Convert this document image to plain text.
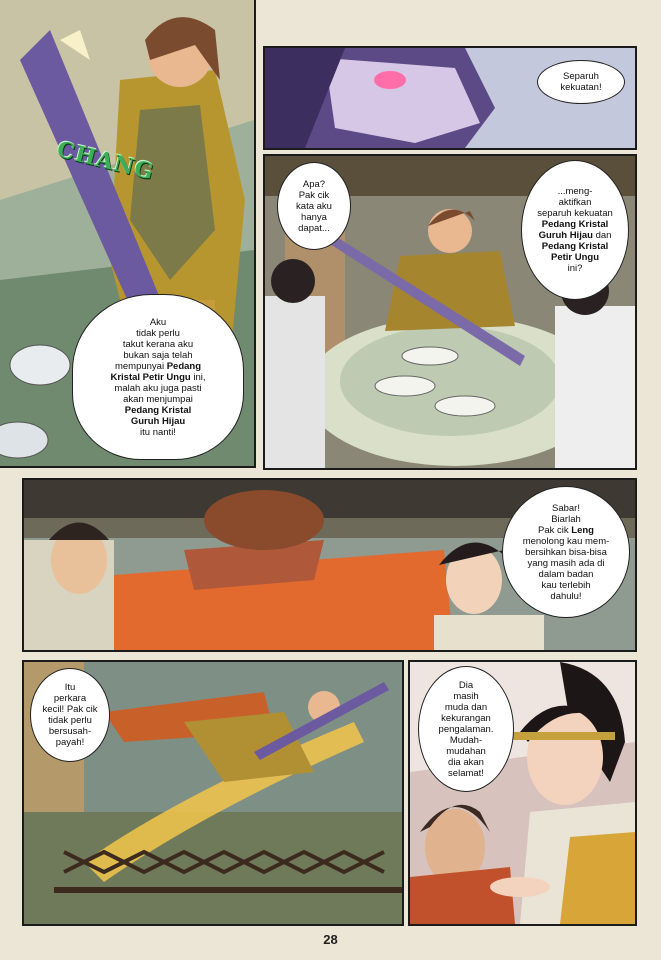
CHANG
Aku
tidak perlu
takut kerana aku
bukan saja telah
mempunyai Pedang
Kristal Petir Ungu ini,
malah aku juga pasti
akan menjumpai
Pedang Kristal
Guruh Hijau
itu nanti!
Separuh
kekuatan!
Apa?
Pak cik
kata aku
hanya
dapat...
...meng-
aktifkan
separuh kekuatan
Pedang Kristal
Guruh Hijau dan
Pedang Kristal
Petir Ungu
ini?
Sabar!
Biarlah
Pak cik Leng
menolong kau mem-
bersihkan bisa-bisa
yang masih ada di
dalam badan
kau terlebih
dahulu!
Itu
perkara
kecil! Pak cik
tidak perlu
bersusah-
payah!
Dia
masih
muda dan
kekurangan
pengalaman.
Mudah-
mudahan
dia akan
selamat!
28
